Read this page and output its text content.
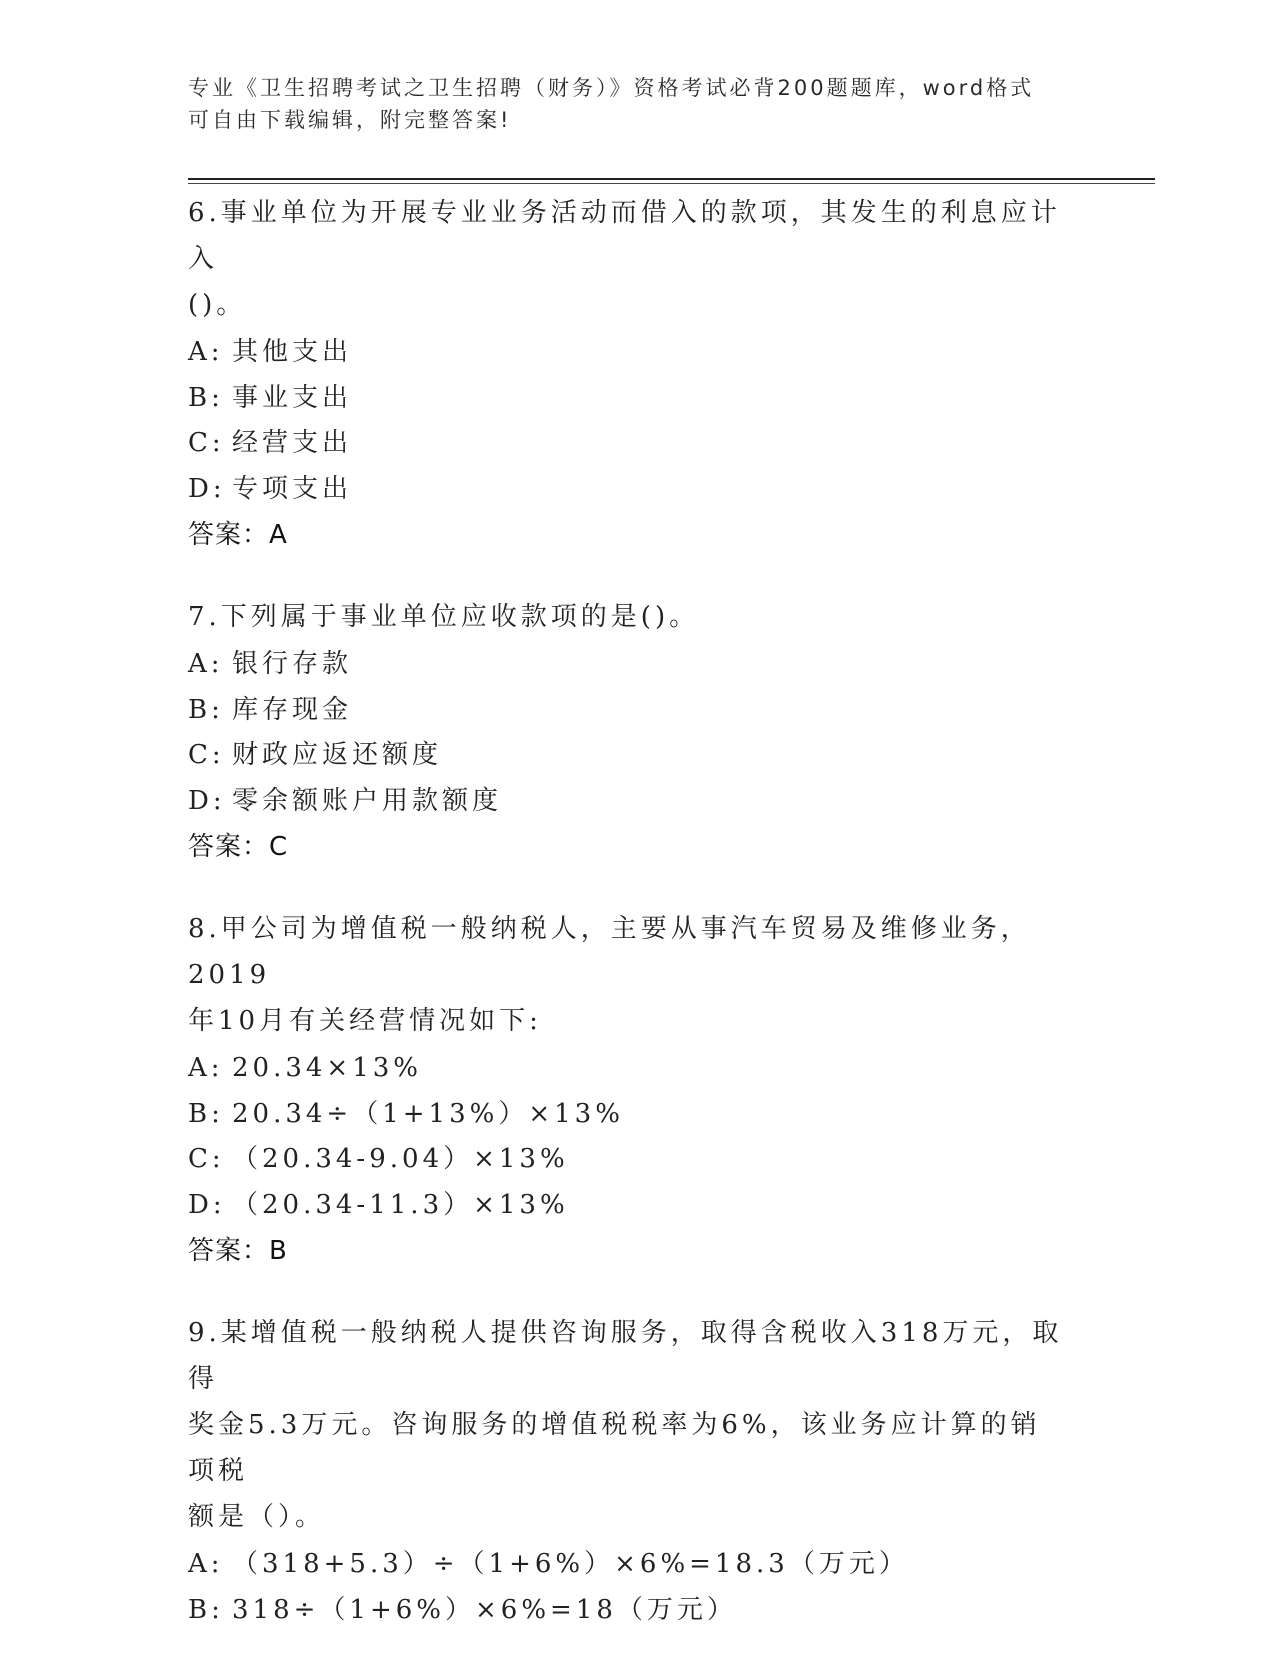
专业《卫生招聘考试之卫生招聘（财务）》资格考试必背200题题库，word格式
可自由下载编辑，附完整答案!
6.事业单位为开展专业业务活动而借入的款项，其发生的利息应计入
()。
A: 其他支出
B: 事业支出
C: 经营支出
D: 专项支出
答案：A
7.下列属于事业单位应收款项的是()。
A: 银行存款
B: 库存现金
C: 财政应返还额度
D: 零余额账户用款额度
答案：C
8.甲公司为增值税一般纳税人，主要从事汽车贸易及维修业务，2019
年10月有关经营情况如下:
A: 20.34×13%
B: 20.34÷（1+13%）×13%
C: （20.34-9.04）×13%
D: （20.34-11.3）×13%
答案：B
9.某增值税一般纳税人提供咨询服务，取得含税收入318万元，取得
奖金5.3万元。咨询服务的增值税税率为6%，该业务应计算的销项税
额是（）。
A: （318+5.3）÷（1+6%）×6%=18.3（万元）
B: 318÷（1+6%）×6%=18（万元）
